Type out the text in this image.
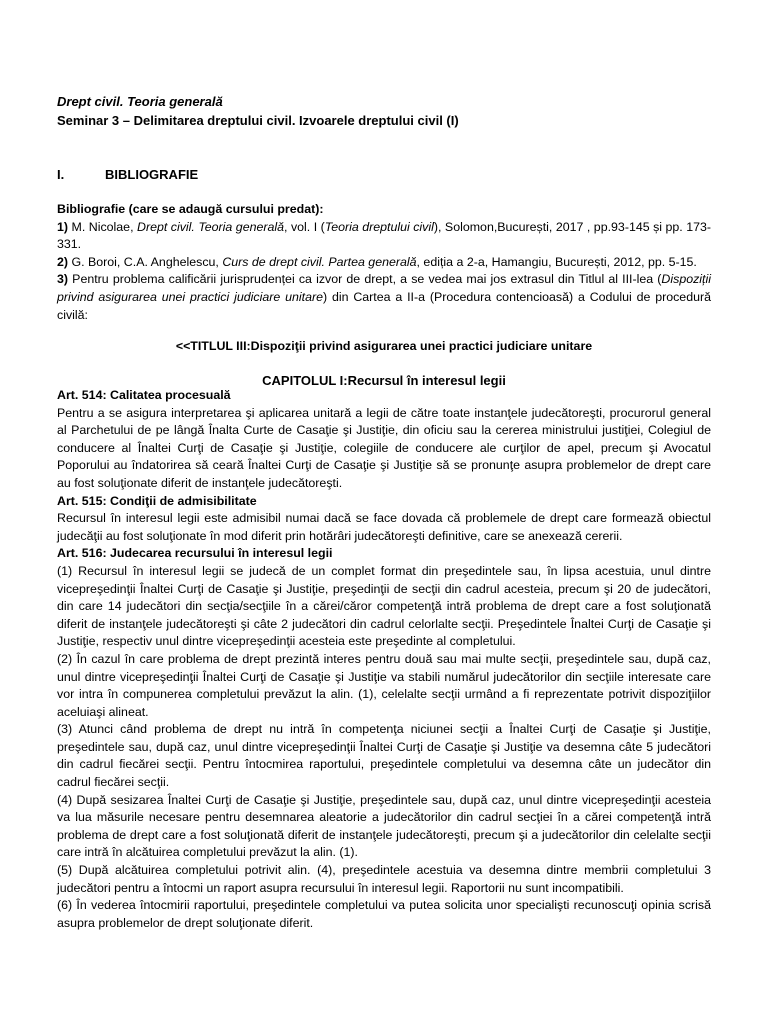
Drept civil. Teoria generală
Seminar 3 – Delimitarea dreptului civil. Izvoarele dreptului civil (I)
I.	BIBLIOGRAFIE

Bibliografie (care se adaugă cursului predat):

1) M. Nicolae, Drept civil. Teoria generală, vol. I (Teoria dreptului civil), Solomon,București, 2017 , pp.93-145 și pp. 173-331.

2) G. Boroi, C.A. Anghelescu, Curs de drept civil. Partea generală, ediția a 2-a, Hamangiu, București, 2012, pp. 5-15.

3) Pentru problema calificării jurisprudenței ca izvor de drept, a se vedea mai jos extrasul din Titlul al III-lea (Dispoziții privind asigurarea unei practici judiciare unitare) din Cartea a II-a (Procedura contencioasă) a Codului de procedură civilă:

<<TITLUL III:Dispoziţii privind asigurarea unei practici judiciare unitare
CAPITOLUL I:Recursul în interesul legii

Art. 514: Calitatea procesuală

Pentru a se asigura interpretarea şi aplicarea unitară a legii de către toate instanţele judecătoreşti, procurorul general al Parchetului de pe lângă Înalta Curte de Casaţie şi Justiţie, din oficiu sau la cererea ministrului justiţiei, Colegiul de conducere al Înaltei Curţi de Casaţie şi Justiţie, colegiile de conducere ale curţilor de apel, precum şi Avocatul Poporului au îndatorirea să ceară Înaltei Curţi de Casaţie şi Justiţie să se pronunţe asupra problemelor de drept care au fost soluţionate diferit de instanţele judecătoreşti.

Art. 515: Condiţii de admisibilitate

Recursul în interesul legii este admisibil numai dacă se face dovada că problemele de drept care formează obiectul judecăţii au fost soluţionate în mod diferit prin hotărâri judecătoreşti definitive, care se anexează cererii.

Art. 516: Judecarea recursului în interesul legii

(1) Recursul în interesul legii se judecă de un complet format din preşedintele sau, în lipsa acestuia, unul dintre vicepreşedinţii Înaltei Curţi de Casaţie şi Justiţie, preşedinţii de secţii din cadrul acesteia, precum şi 20 de judecători, din care 14 judecători din secţia/secţiile în a cărei/căror competenţă intră problema de drept care a fost soluţionată diferit de instanţele judecătoreşti şi câte 2 judecători din cadrul celorlalte secţii. Preşedintele Înaltei Curţi de Casaţie şi Justiţie, respectiv unul dintre vicepreşedinţii acesteia este preşedinte al completului.

(2) În cazul în care problema de drept prezintă interes pentru două sau mai multe secţii, preşedintele sau, după caz, unul dintre vicepreşedinţii Înaltei Curţi de Casaţie şi Justiţie va stabili numărul judecătorilor din secţiile interesate care vor intra în compunerea completului prevăzut la alin. (1), celelalte secţii urmând a fi reprezentate potrivit dispoziţiilor aceluiaşi alineat.

(3) Atunci când problema de drept nu intră în competenţa niciunei secţii a Înaltei Curţi de Casaţie şi Justiţie, preşedintele sau, după caz, unul dintre vicepreşedinţii Înaltei Curţi de Casaţie şi Justiţie va desemna câte 5 judecători din cadrul fiecărei secţii. Pentru întocmirea raportului, preşedintele completului va desemna câte un judecător din cadrul fiecărei secţii.

(4) După sesizarea Înaltei Curţi de Casaţie şi Justiţie, preşedintele sau, după caz, unul dintre vicepreşedinţii acesteia va lua măsurile necesare pentru desemnarea aleatorie a judecătorilor din cadrul secţiei în a cărei competenţă intră problema de drept care a fost soluţionată diferit de instanţele judecătoreşti, precum şi a judecătorilor din celelalte secţii care intră în alcătuirea completului prevăzut la alin. (1).

(5) După alcătuirea completului potrivit alin. (4), preşedintele acestuia va desemna dintre membrii completului 3 judecători pentru a întocmi un raport asupra recursului în interesul legii. Raportorii nu sunt incompatibili.

(6) În vederea întocmirii raportului, preşedintele completului va putea solicita unor specialişti recunoscuţi opinia scrisă asupra problemelor de drept soluţionate diferit.
